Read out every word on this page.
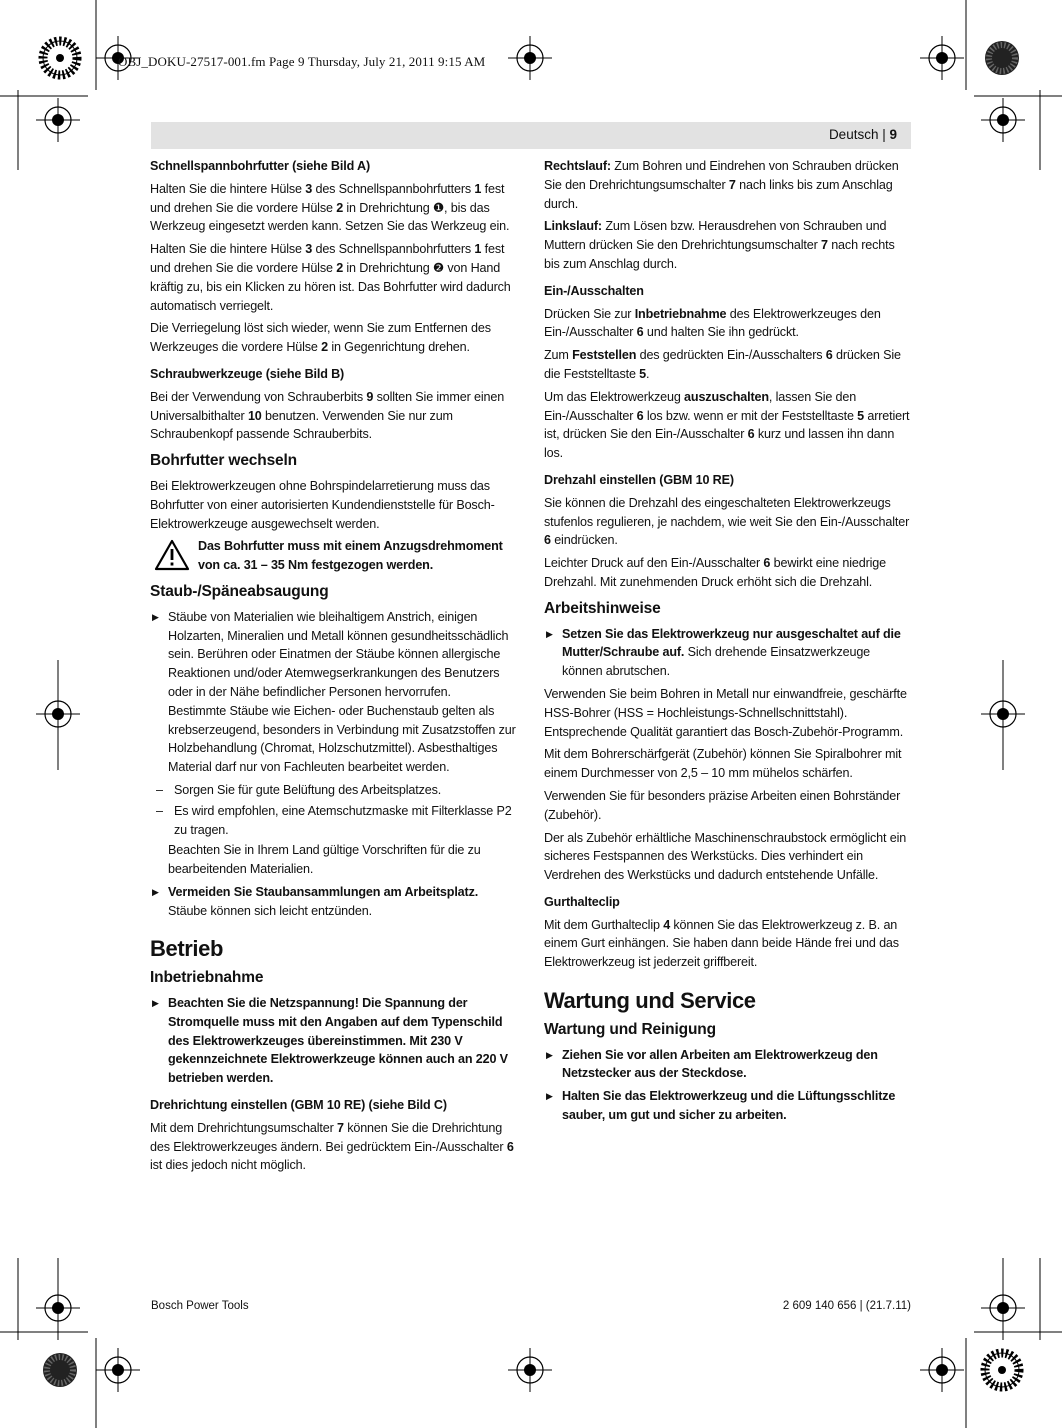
OBJ_DOKU-27517-001.fm Page 9 Thursday, July 21, 2011 9:15 AM
Deutsch | 9
Schnellspannbohrfutter (siehe Bild A)

Halten Sie die hintere Hülse 3 des Schnellspannbohrfutters 1 fest und drehen Sie die vordere Hülse 2 in Drehrichtung ❶, bis das Werkzeug eingesetzt werden kann. Setzen Sie das Werkzeug ein.

Halten Sie die hintere Hülse 3 des Schnellspannbohrfutters 1 fest und drehen Sie die vordere Hülse 2 in Drehrichtung ❷ von Hand kräftig zu, bis ein Klicken zu hören ist. Das Bohrfutter wird dadurch automatisch verriegelt.

Die Verriegelung löst sich wieder, wenn Sie zum Entfernen des Werkzeuges die vordere Hülse 2 in Gegenrichtung drehen.

Schraubwerkzeuge (siehe Bild B)

Bei der Verwendung von Schrauberbits 9 sollten Sie immer einen Universalbithalter 10 benutzen. Verwenden Sie nur zum Schraubenkopf passende Schrauberbits.

Bohrfutter wechseln

Bei Elektrowerkzeugen ohne Bohrspindelarretierung muss das Bohrfutter von einer autorisierten Kundendienststelle für Bosch-Elektrowerkzeuge ausgewechselt werden.

Das Bohrfutter muss mit einem Anzugsdrehmoment von ca. 31 – 35 Nm festgezogen werden.
Staub-/Späneabsaugung
▶ Stäube von Materialien wie bleihaltigem Anstrich, einigen Holzarten, Mineralien und Metall können gesundheitsschädlich sein. Berühren oder Einatmen der Stäube können allergische Reaktionen und/oder Atemwegserkrankungen des Benutzers oder in der Nähe befindlicher Personen hervorrufen.
Bestimmte Stäube wie Eichen- oder Buchenstaub gelten als krebserzeugend, besonders in Verbindung mit Zusatzstoffen zur Holzbehandlung (Chromat, Holzschutzmittel). Asbesthaltiges Material darf nur von Fachleuten bearbeitet werden.
– Sorgen Sie für gute Belüftung des Arbeitsplatzes.
– Es wird empfohlen, eine Atemschutzmaske mit Filterklasse P2 zu tragen.

Beachten Sie in Ihrem Land gültige Vorschriften für die zu bearbeitenden Materialien.

▶ Vermeiden Sie Staubansammlungen am Arbeitsplatz. Stäube können sich leicht entzünden.
Betrieb
Inbetriebnahme
▶ Beachten Sie die Netzspannung! Die Spannung der Stromquelle muss mit den Angaben auf dem Typenschild des Elektrowerkzeuges übereinstimmen. Mit 230 V gekennzeichnete Elektrowerkzeuge können auch an 220 V betrieben werden.
Drehrichtung einstellen (GBM 10 RE) (siehe Bild C)

Mit dem Drehrichtungsumschalter 7 können Sie die Drehrichtung des Elektrowerkzeuges ändern. Bei gedrücktem Ein-/Ausschalter 6 ist dies jedoch nicht möglich.

Rechtslauf: Zum Bohren und Eindrehen von Schrauben drücken Sie den Drehrichtungsumschalter 7 nach links bis zum Anschlag durch.

Linkslauf: Zum Lösen bzw. Herausdrehen von Schrauben und Muttern drücken Sie den Drehrichtungsumschalter 7 nach rechts bis zum Anschlag durch.

Ein-/Ausschalten

Drücken Sie zur Inbetriebnahme des Elektrowerkzeuges den Ein-/Ausschalter 6 und halten Sie ihn gedrückt.

Zum Feststellen des gedrückten Ein-/Ausschalters 6 drücken Sie die Feststelltaste 5.

Um das Elektrowerkzeug auszuschalten, lassen Sie den Ein-/Ausschalter 6 los bzw. wenn er mit der Feststelltaste 5 arretiert ist, drücken Sie den Ein-/Ausschalter 6 kurz und lassen ihn dann los.

Drehzahl einstellen (GBM 10 RE)

Sie können die Drehzahl des eingeschalteten Elektrowerkzeugs stufenlos regulieren, je nachdem, wie weit Sie den Ein-/Ausschalter 6 eindrücken.

Leichter Druck auf den Ein-/Ausschalter 6 bewirkt eine niedrige Drehzahl. Mit zunehmenden Druck erhöht sich die Drehzahl.

Arbeitshinweise
▶ Setzen Sie das Elektrowerkzeug nur ausgeschaltet auf die Mutter/Schraube auf. Sich drehende Einsatzwerkzeuge können abrutschen.

Verwenden Sie beim Bohren in Metall nur einwandfreie, geschärfte HSS-Bohrer (HSS = Hochleistungs-Schnellschnittstahl). Entsprechende Qualität garantiert das Bosch-Zubehör-Programm.

Mit dem Bohrerschärfgerät (Zubehör) können Sie Spiralbohrer mit einem Durchmesser von 2,5 – 10 mm mühelos schärfen.

Verwenden Sie für besonders präzise Arbeiten einen Bohrständer (Zubehör).

Der als Zubehör erhältliche Maschinenschraubstock ermöglicht ein sicheres Festspannen des Werkstücks. Dies verhindert ein Verdrehen des Werkstücks und dadurch entstehende Unfälle.

Gurthalteclip

Mit dem Gurthalteclip 4 können Sie das Elektrowerkzeug z. B. an einem Gurt einhängen. Sie haben dann beide Hände frei und das Elektrowerkzeug ist jederzeit griffbereit.

Wartung und Service
Wartung und Reinigung
▶ Ziehen Sie vor allen Arbeiten am Elektrowerkzeug den Netzstecker aus der Steckdose.
▶ Halten Sie das Elektrowerkzeug und die Lüftungsschlitze sauber, um gut und sicher zu arbeiten.
Bosch Power Tools	2 609 140 656 | (21.7.11)
